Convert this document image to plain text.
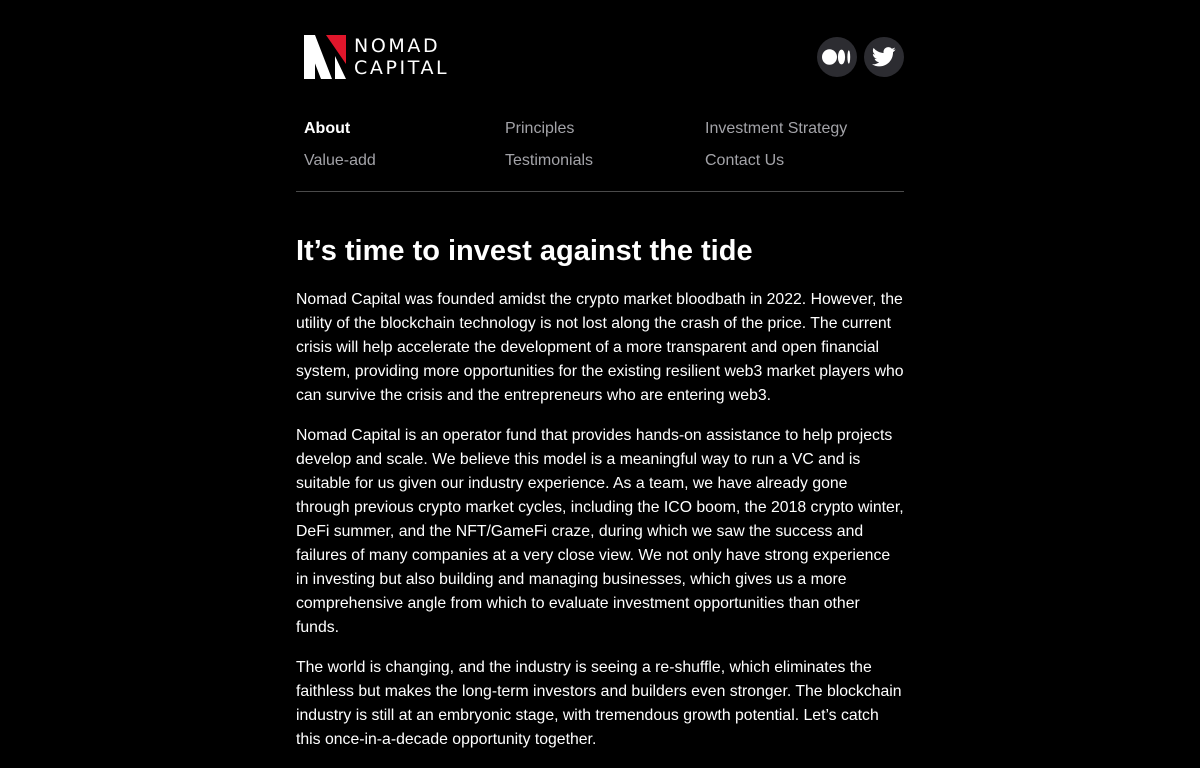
NOMAD
CAPITAL
About	Principles	Investment Strategy
Value-add	Testimonials	Contact Us
It’s time to invest against the tide

Nomad Capital was founded amidst the crypto market bloodbath in 2022. However, the utility of the blockchain technology is not lost along the crash of the price. The current crisis will help accelerate the development of a more transparent and open financial system, providing more opportunities for the existing resilient web3 market players who can survive the crisis and the entrepreneurs who are entering web3.

Nomad Capital is an operator fund that provides hands-on assistance to help projects develop and scale. We believe this model is a meaningful way to run a VC and is suitable for us given our industry experience. As a team, we have already gone through previous crypto market cycles, including the ICO boom, the 2018 crypto winter, DeFi summer, and the NFT/GameFi craze, during which we saw the success and failures of many companies at a very close view. We not only have strong experience in investing but also building and managing businesses, which gives us a more comprehensive angle from which to evaluate investment opportunities than other funds.

The world is changing, and the industry is seeing a re-shuffle, which eliminates the faithless but makes the long-term investors and builders even stronger. The blockchain industry is still at an embryonic stage, with tremendous growth potential. Let’s catch this once-in-a-decade opportunity together.
